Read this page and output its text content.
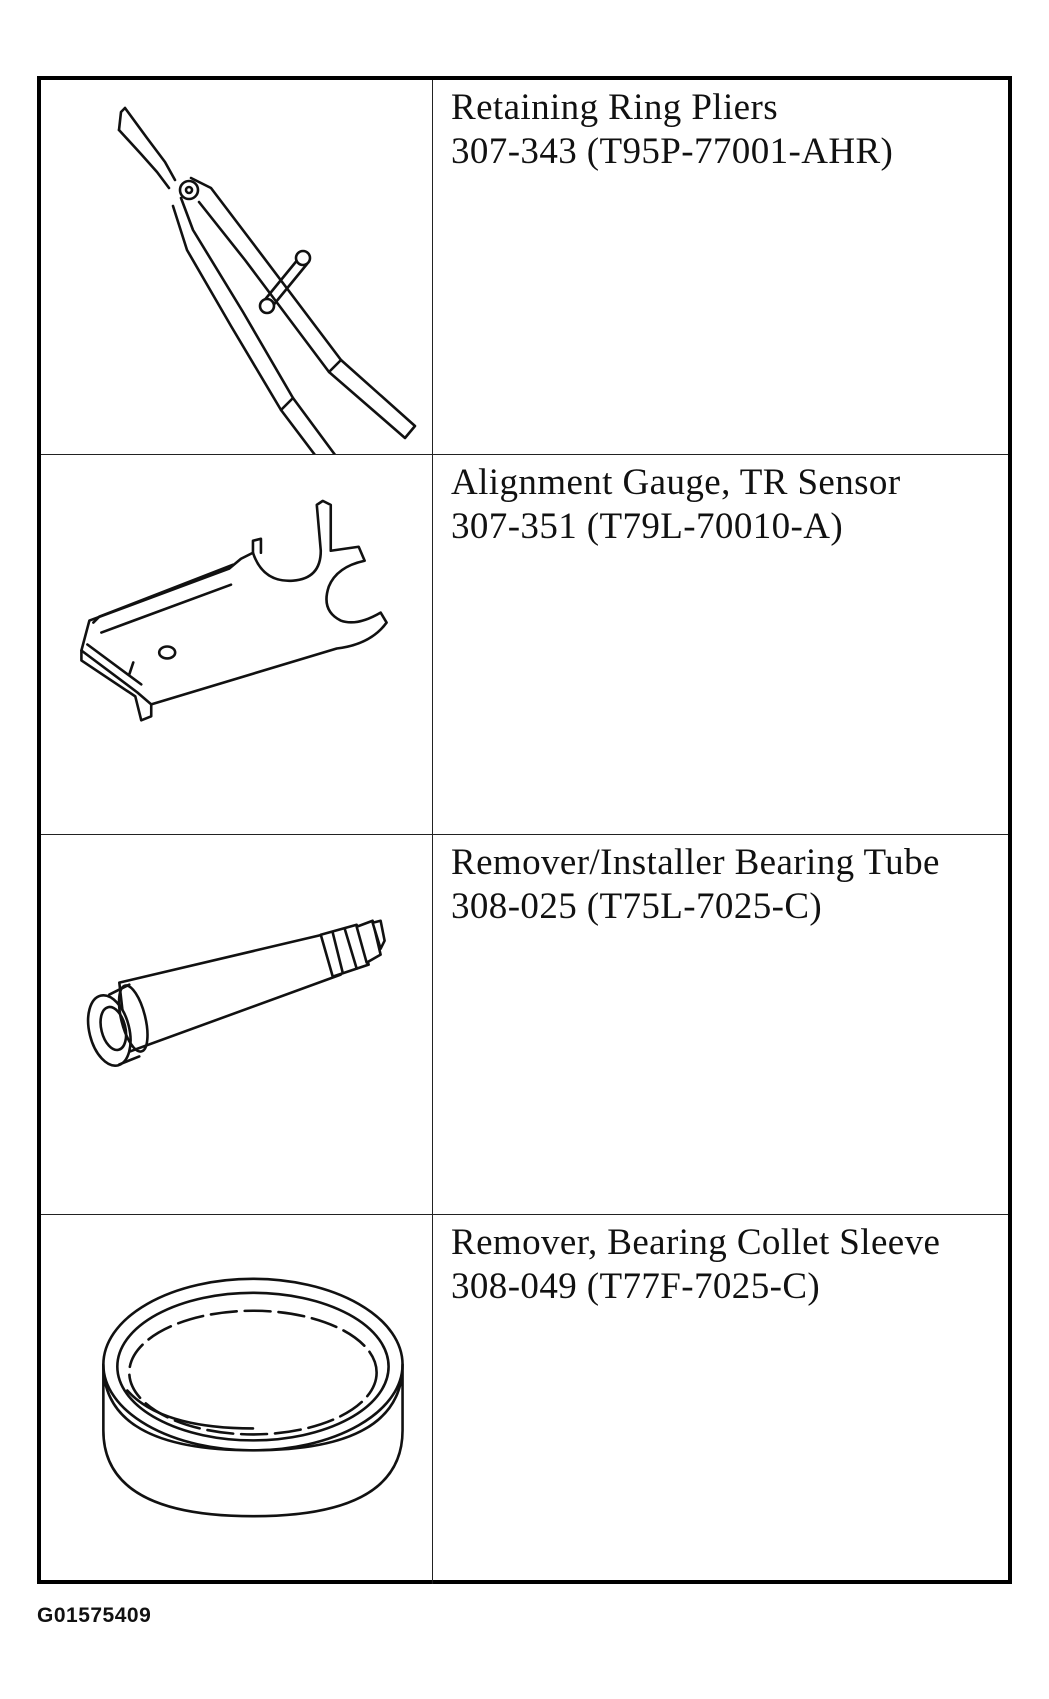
Retaining Ring Pliers
307-343 (T95P-77001-AHR)
Alignment Gauge, TR Sensor
307-351 (T79L-70010-A)
Remover/Installer Bearing Tube
308-025 (T75L-7025-C)
Remover, Bearing Collet Sleeve
308-049 (T77F-7025-C)
G01575409
